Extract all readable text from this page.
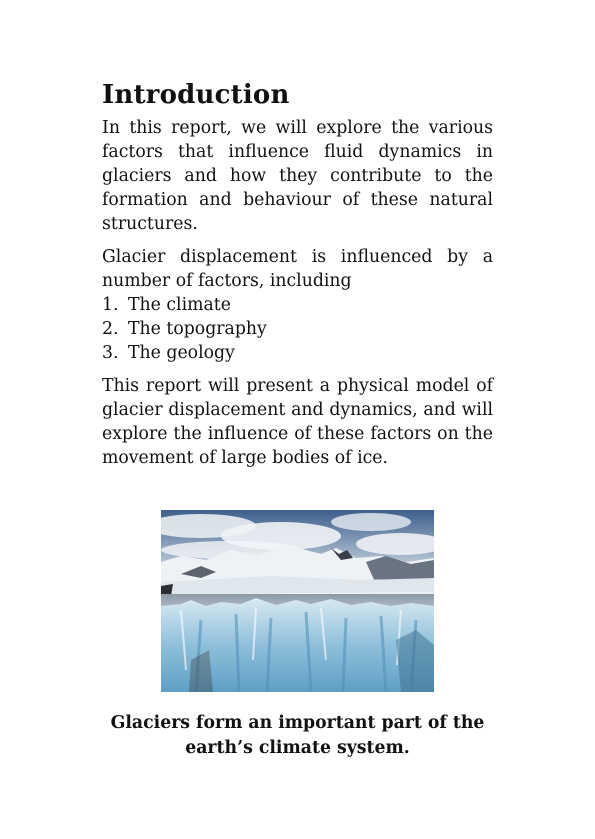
Introduction

In this report, we will explore the various factors that influence fluid dynamics in glaciers and how they contribute to the formation and behaviour of these natural structures.

Glacier displacement is influenced by a number of factors, including

1. The climate
2. The topography
3. The geology

This report will present a physical model of glacier displacement and dynamics, and will explore the influence of these factors on the movement of large bodies of ice.

Glaciers form an important part of the earth’s climate system.
